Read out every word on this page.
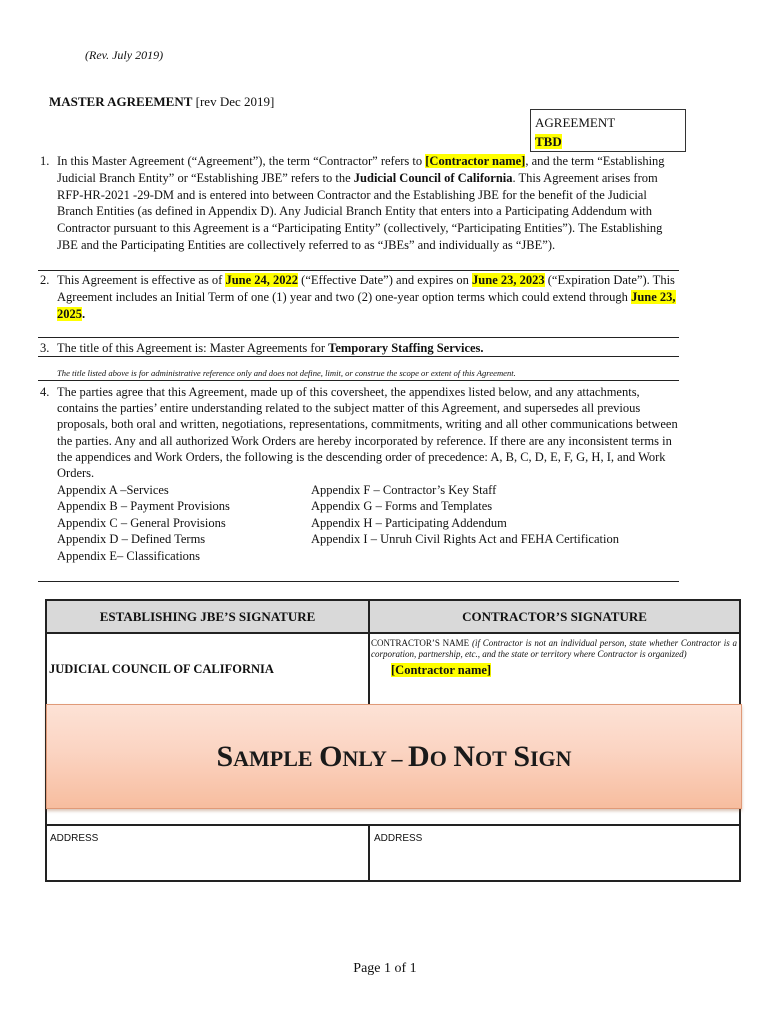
(Rev. July 2019)
MASTER AGREEMENT [rev Dec 2019]
AGREEMENT
TBD
1. In this Master Agreement (“Agreement”), the term “Contractor” refers to [Contractor name], and the term “Establishing Judicial Branch Entity” or “Establishing JBE” refers to the Judicial Council of California. This Agreement arises from RFP-HR-2021 -29-DM and is entered into between Contractor and the Establishing JBE for the benefit of the Judicial Branch Entities (as defined in Appendix D). Any Judicial Branch Entity that enters into a Participating Addendum with Contractor pursuant to this Agreement is a “Participating Entity” (collectively, “Participating Entities”). The Establishing JBE and the Participating Entities are collectively referred to as “JBEs” and individually as “JBE”).
2. This Agreement is effective as of June 24, 2022 (“Effective Date”) and expires on June 23, 2023 (“Expiration Date”). This Agreement includes an Initial Term of one (1) year and two (2) one-year option terms which could extend through June 23, 2025.
3. The title of this Agreement is: Master Agreements for Temporary Staffing Services.
The title listed above is for administrative reference only and does not define, limit, or construe the scope or extent of this Agreement.
4. The parties agree that this Agreement, made up of this coversheet, the appendixes listed below, and any attachments, contains the parties’ entire understanding related to the subject matter of this Agreement, and supersedes all previous proposals, both oral and written, negotiations, representations, commitments, writing and all other communications between the parties. Any and all authorized Work Orders are hereby incorporated by reference. If there are any inconsistent terms in the appendices and Work Orders, the following is the descending order of precedence: A, B, C, D, E, F, G, H, I, and Work Orders.
Appendix A –Services
Appendix B – Payment Provisions
Appendix C – General Provisions
Appendix D – Defined Terms
Appendix E– Classifications
Appendix F – Contractor’s Key Staff
Appendix G – Forms and Templates
Appendix H – Participating Addendum
Appendix I – Unruh Civil Rights Act and FEHA Certification
ESTABLISHING JBE’S SIGNATURE	CONTRACTOR’S SIGNATURE
JUDICIAL COUNCIL OF CALIFORNIA
CONTRACTOR’S NAME (if Contractor is not an individual person, state whether Contractor is a corporation, partnership, etc., and the state or territory where Contractor is organized)
[Contractor name]
ADDRESS	ADDRESS
SAMPLE ONLY – DO NOT SIGN
Page 1 of 1
